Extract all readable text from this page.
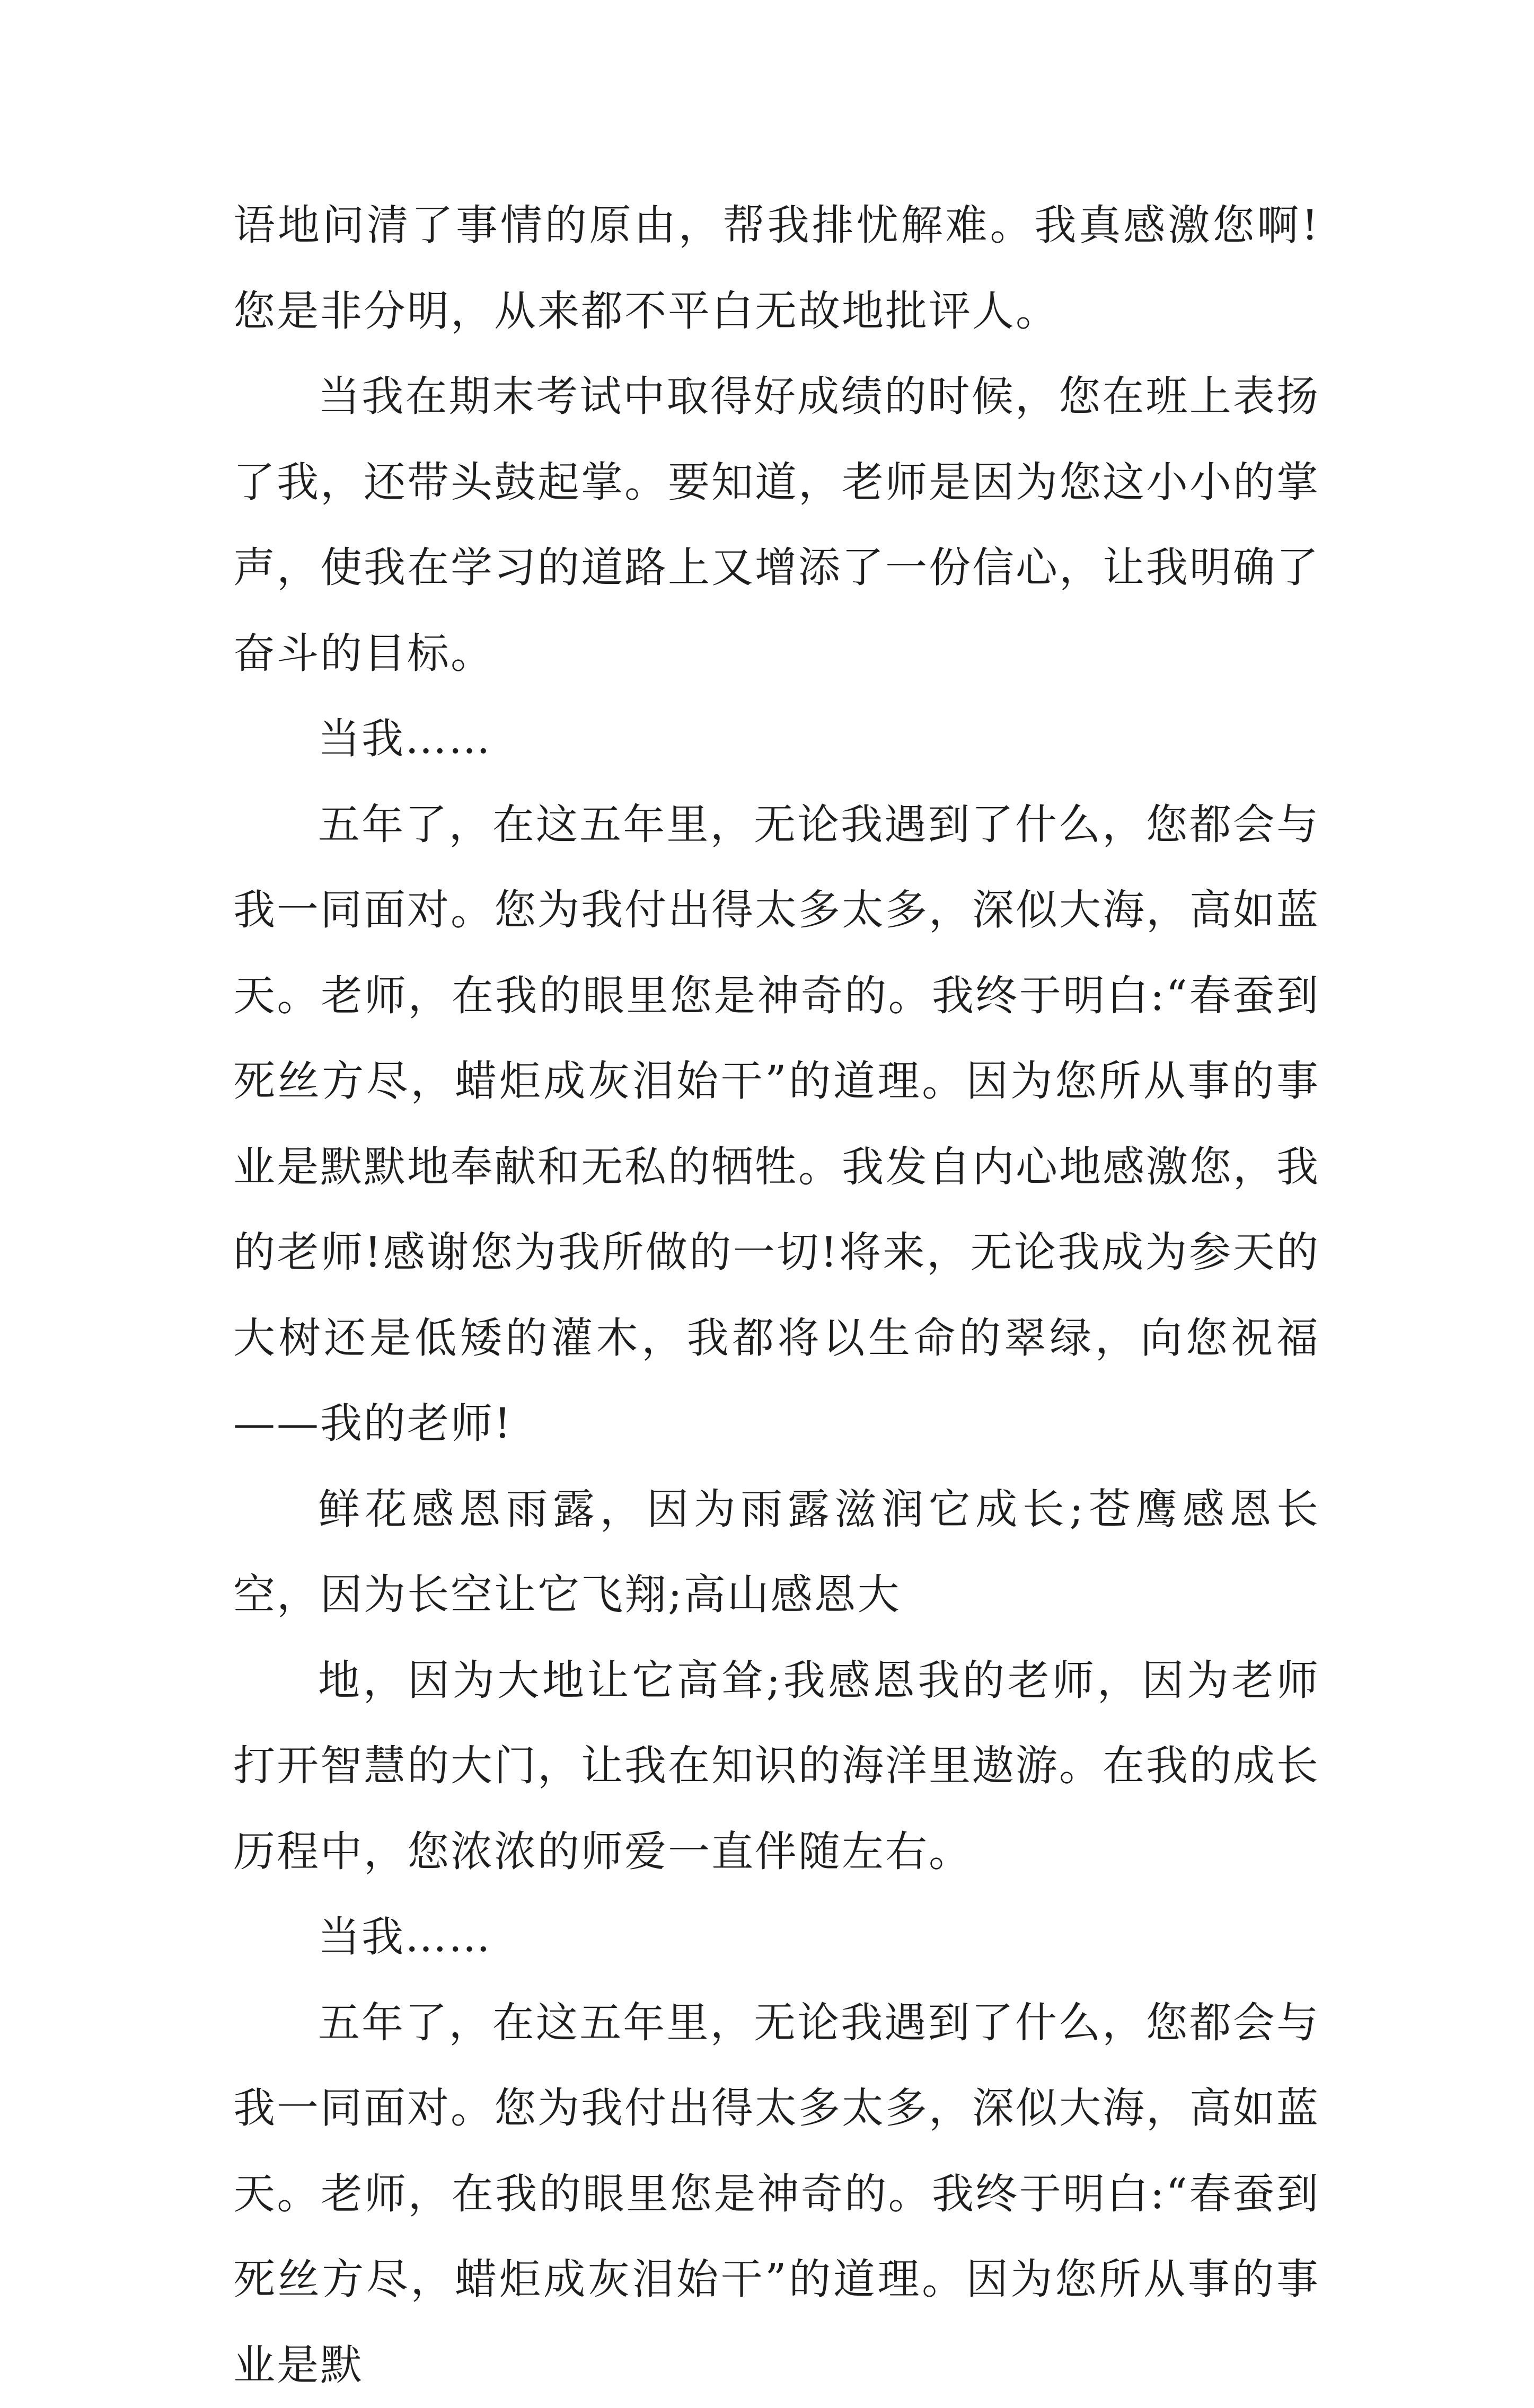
语地问清了事情的原由，帮我排忧解难。我真感激您啊!您是非分明，从来都不平白无故地批评人。

当我在期末考试中取得好成绩的时候，您在班上表扬了我，还带头鼓起掌。要知道，老师是因为您这小小的掌声，使我在学习的道路上又增添了一份信心，让我明确了奋斗的目标。

当我……

五年了，在这五年里，无论我遇到了什么，您都会与我一同面对。您为我付出得太多太多，深似大海，高如蓝天。老师，在我的眼里您是神奇的。我终于明白:“春蚕到死丝方尽，蜡炬成灰泪始干”的道理。因为您所从事的事业是默默地奉献和无私的牺牲。我发自内心地感激您，我的老师!感谢您为我所做的一切!将来，无论我成为参天的大树还是低矮的灌木，我都将以生命的翠绿，向您祝福——我的老师!

鲜花感恩雨露，因为雨露滋润它成长;苍鹰感恩长空，因为长空让它飞翔;高山感恩大

地，因为大地让它高耸;我感恩我的老师，因为老师打开智慧的大门，让我在知识的海洋里遨游。在我的成长历程中，您浓浓的师爱一直伴随左右。

当我……

五年了，在这五年里，无论我遇到了什么，您都会与我一同面对。您为我付出得太多太多，深似大海，高如蓝天。老师，在我的眼里您是神奇的。我终于明白:“春蚕到死丝方尽，蜡炬成灰泪始干”的道理。因为您所从事的事业是默
